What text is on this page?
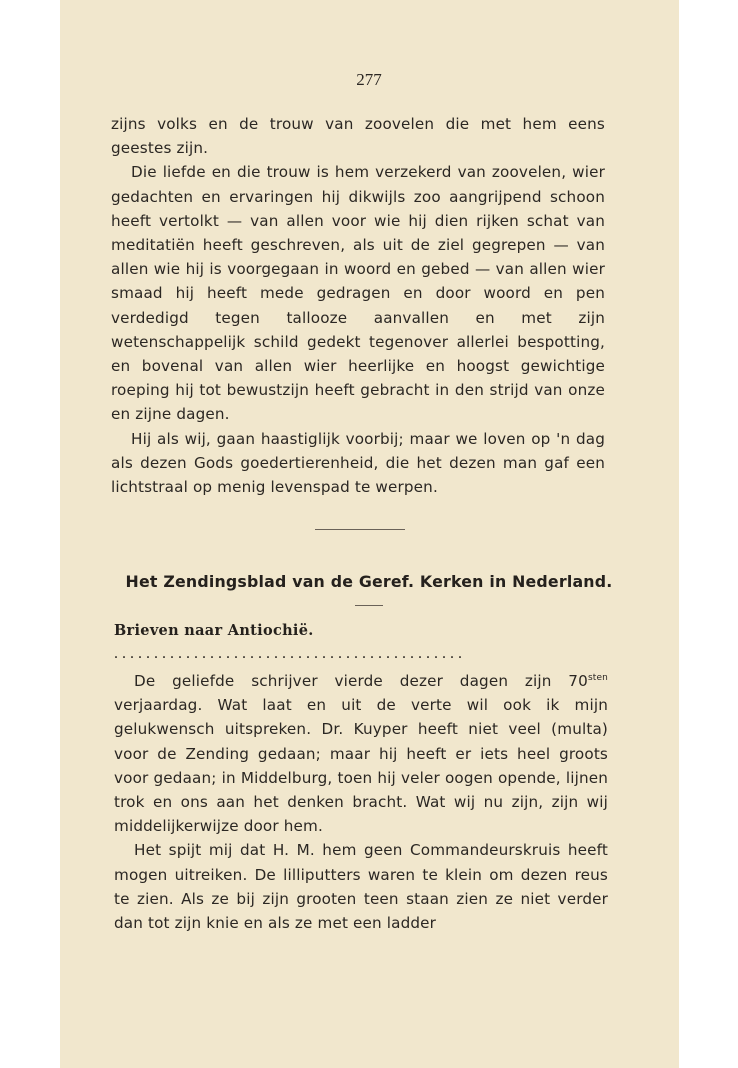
277

zijns volks en de trouw van zoovelen die met hem eens geestes zijn.

Die liefde en die trouw is hem verzekerd van zoovelen, wier gedachten en ervaringen hij dikwijls zoo aangrijpend schoon heeft vertolkt — van allen voor wie hij dien rijken schat van meditatiën heeft geschreven, als uit de ziel gegrepen — van allen wie hij is voorgegaan in woord en gebed — van allen wier smaad hij heeft mede gedragen en door woord en pen verdedigd tegen tallooze aanvallen en met zijn wetenschappelijk schild gedekt tegenover allerlei bespotting, en bovenal van allen wier heerlijke en hoogst gewichtige roeping hij tot bewustzijn heeft gebracht in den strijd van onze en zijne dagen.

Hij als wij, gaan haastiglijk voorbij; maar we loven op 'n dag als dezen Gods goedertierenheid, die het dezen man gaf een lichtstraal op menig levenspad te werpen.

Het Zendingsblad van de Geref. Kerken in Nederland.
Brieven naar Antiochië.
. . . . . . . . . . . . . . . . . . . . . . . . . . . . . . . . . . . . . . . . . . . .

De geliefde schrijver vierde dezer dagen zijn $70^{sten}$ verjaardag. Wat laat en uit de verte wil ook ik mijn gelukwensch uitspreken. Dr. Kuyper heeft niet veel (multa) voor de Zending gedaan; maar hij heeft er iets heel groots voor gedaan; in Middelburg, toen hij veler oogen opende, lijnen trok en ons aan het denken bracht. Wat wij nu zijn, zijn wij middelijkerwijze door hem.

Het spijt mij dat H. M. hem geen Commandeurskruis heeft mogen uitreiken. De lilliputters waren te klein om dezen reus te zien. Als ze bij zijn grooten teen staan zien ze niet verder dan tot zijn knie en als ze met een ladder
